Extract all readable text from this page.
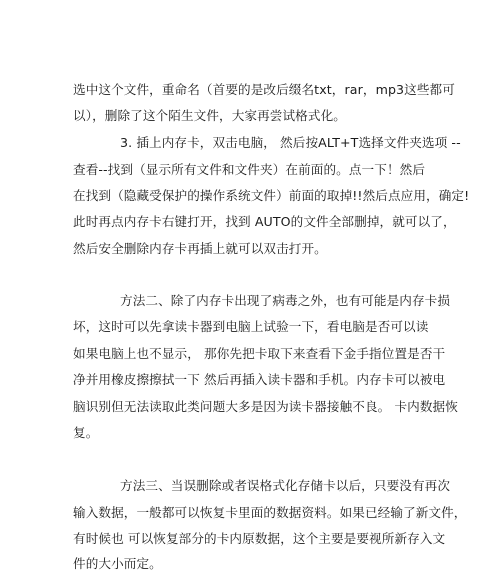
选中这个文件，重命名（首要的是改后缀名txt，rar，mp3这些都可
以），删除了这个陌生文件，大家再尝试格式化。
3. 插上内存卡，双击电脑， 然后按ALT+T选择文件夹选项 --
查看--找到（显示所有文件和文件夹）在前面的。点一下！然后
在找到（隐藏受保护的操作系统文件）前面的取掉!!然后点应用，确定!
此时再点内存卡右键打开，找到 AUTO的文件全部删掉，就可以了，
然后安全删除内存卡再插上就可以双击打开。
方法二、除了内存卡出现了病毒之外，也有可能是内存卡损
坏，这时可以先拿读卡器到电脑上试验一下，看电脑是否可以读
如果电脑上也不显示， 那你先把卡取下来查看下金手指位置是否干
净并用橡皮擦擦拭一下 然后再插入读卡器和手机。内存卡可以被电
脑识别但无法读取此类问题大多是因为读卡器接触不良。 卡内数据恢
复。
方法三、当误删除或者误格式化存储卡以后，只要没有再次
输入数据，一般都可以恢复卡里面的数据资料。如果已经输了新文件，
有时候也 可以恢复部分的卡内原数据，这个主要是要视所新存入文
件的大小而定。
